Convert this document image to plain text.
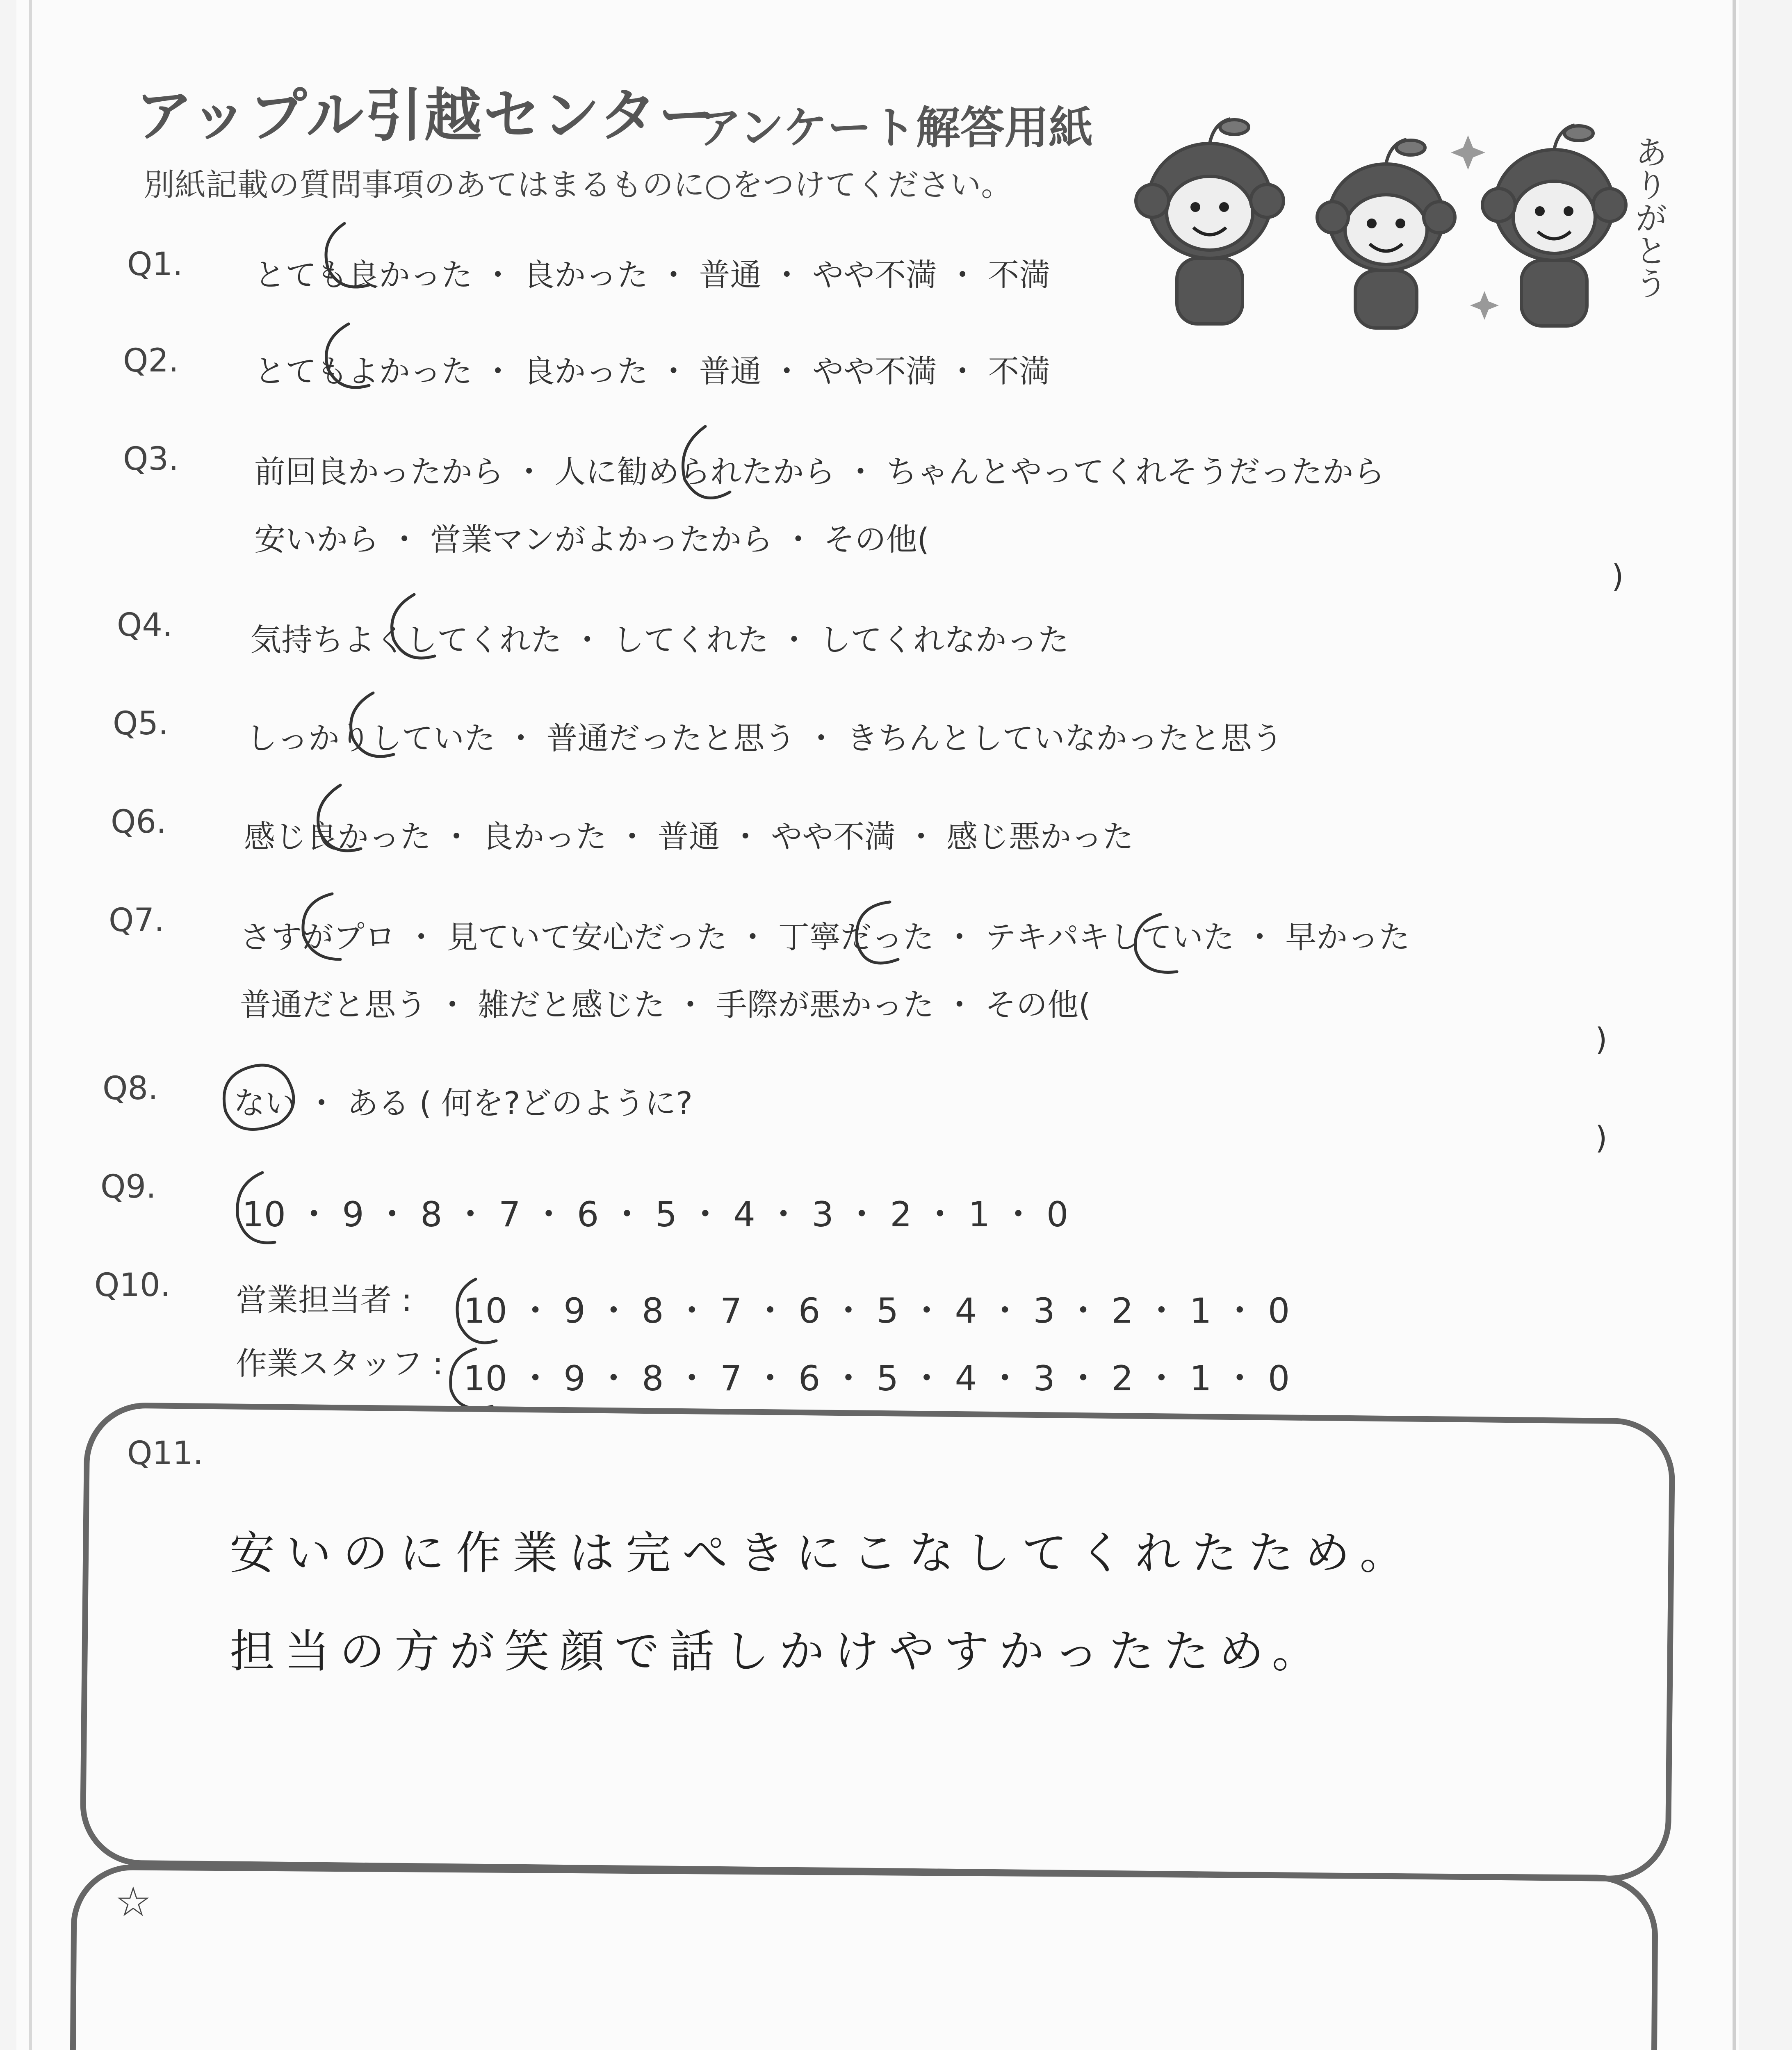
アップル引越センター
アンケート解答用紙
別紙記載の質問事項のあてはまるものに○をつけてください。	ありがとう
Q1. とても良かった ・ 良かった ・ 普通 ・ やや不満 ・ 不満
Q2. とてもよかった ・ 良かった ・ 普通 ・ やや不満 ・ 不満
Q3. 前回良かったから ・ 人に勧められたから ・ ちゃんとやってくれそうだったから
安いから ・ 営業マンがよかったから ・ その他(
)
Q4. 気持ちよくしてくれた ・ してくれた ・ してくれなかった
Q5. しっかりしていた ・ 普通だったと思う ・ きちんとしていなかったと思う
Q6. 感じ良かった ・ 良かった ・ 普通 ・ やや不満 ・ 感じ悪かった
Q7. さすがプロ ・ 見ていて安心だった ・ 丁寧だった ・ テキパキしていた ・ 早かった
普通だと思う ・ 雑だと感じた ・ 手際が悪かった ・ その他(
)
Q8. ない ・ ある ( 何を?どのように?
)
Q9.
10 ・ 9 ・ 8 ・ 7 ・ 6 ・ 5 ・ 4 ・ 3 ・ 2 ・ 1 ・ 0
Q10. 営業担当者 : 10 ・ 9 ・ 8 ・ 7 ・ 6 ・ 5 ・ 4 ・ 3 ・ 2 ・ 1 ・ 0
作業スタッフ : 10 ・ 9 ・ 8 ・ 7 ・ 6 ・ 5 ・ 4 ・ 3 ・ 2 ・ 1 ・ 0
Q11.
安いのに作業は完ぺきにこなしてくれたため。
担当の方が笑顔で話しかけやすかったため。
☆
